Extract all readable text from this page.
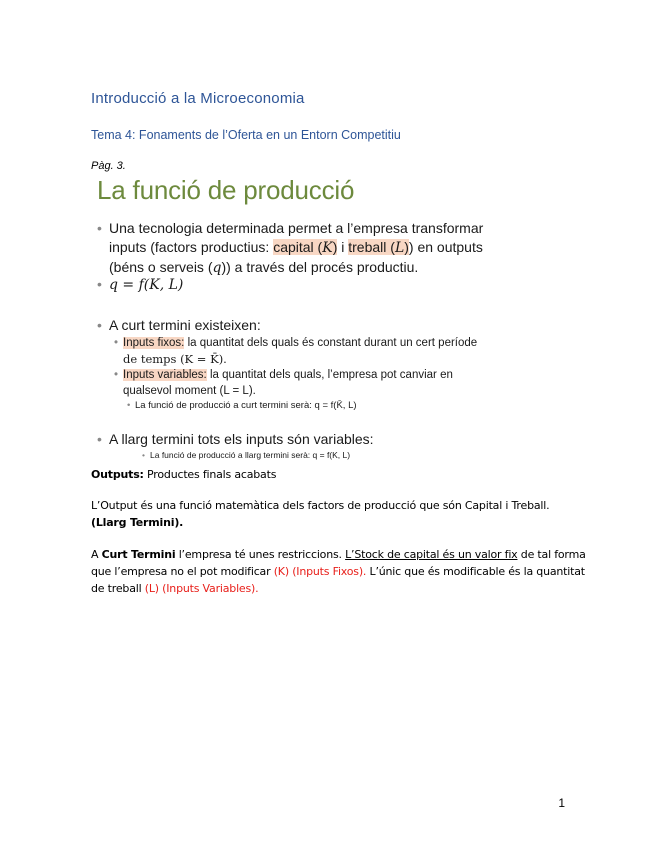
Introducció a la Microeconomia
Tema 4: Fonaments de l’Oferta en un Entorn Competitiu
Pàg. 3.
La funció de producció
• Una tecnologia determinada permet a l’empresa transformar
inputs (factors productius: capital (K) i treball (L)) en outputs
(béns o serveis (q)) a través del procés productiu.
• q = f(K, L)
• A curt termini existeixen:
• Inputs fixos: la quantitat dels quals és constant durant un cert període
de temps (K = K̄).
• Inputs variables: la quantitat dels quals, l’empresa pot canviar en
qualsevol moment (L = L).
• La funció de producció a curt termini serà: q = f(K̄, L)
• A llarg termini tots els inputs són variables:
• La funció de producció a llarg termini serà: q = f(K, L)
Outputs: Productes finals acabats
L’Output és una funció matemàtica dels factors de producció que són Capital i Treball.
(Llarg Termini).
A Curt Termini l’empresa té unes restriccions. L’Stock de capital és un valor fix de tal forma
que l’empresa no el pot modificar (K) (Inputs Fixos). L’únic que és modificable és la quantitat
de treball (L) (Inputs Variables).
1
